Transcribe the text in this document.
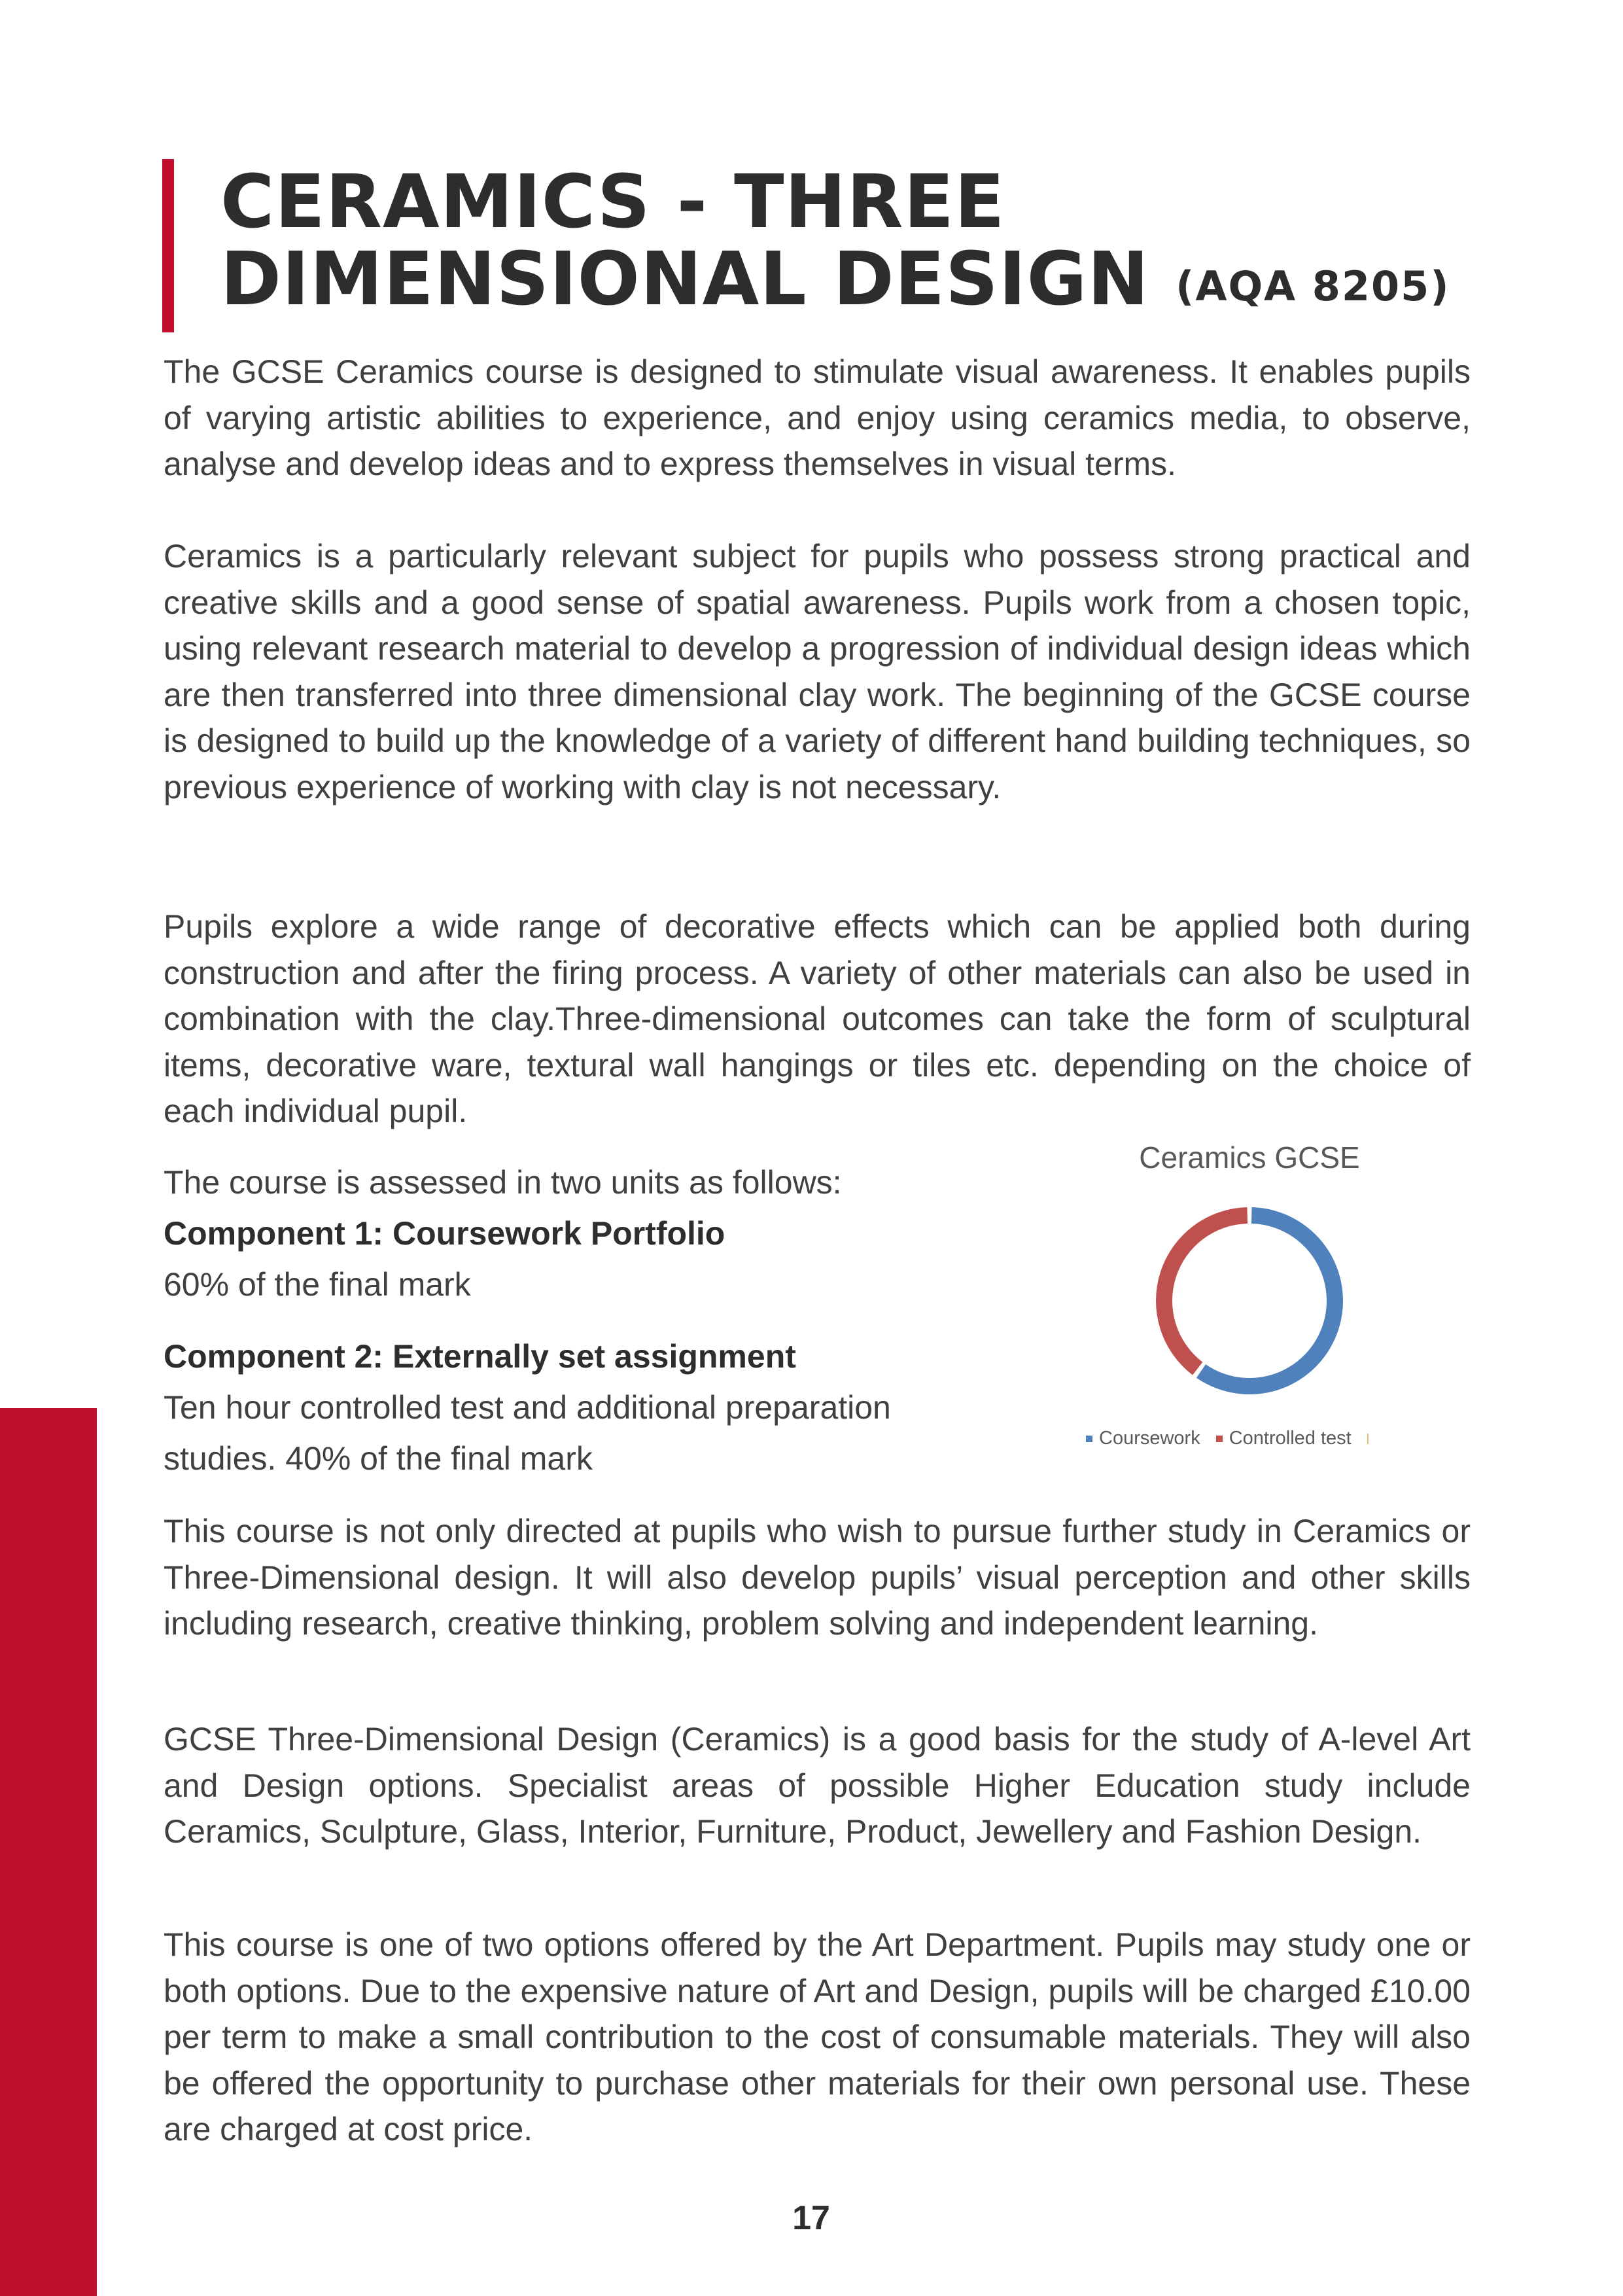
CERAMICS - THREE
DIMENSIONAL DESIGN (AQA 8205)

The GCSE Ceramics course is designed to stimulate visual awareness. It enables pupils of varying artistic abilities to experience, and enjoy using ceramics media, to observe, analyse and develop ideas and to express themselves in visual terms.

Ceramics is a particularly relevant subject for pupils who possess strong practical and creative skills and a good sense of spatial awareness. Pupils work from a chosen topic, using relevant research material to develop a progression of individual design ideas which are then transferred into three dimensional clay work. The beginning of the GCSE course is designed to build up the knowledge of a variety of different hand building techniques, so previous experience of working with clay is not necessary.

Pupils explore a wide range of decorative effects which can be applied both during construction and after the firing process. A variety of other materials can also be used in combination with the clay.Three-dimensional outcomes can take the form of sculptural items, decorative ware, textural wall hangings or tiles etc. depending on the choice of each individual pupil.

The course is assessed in two units as follows:

Component 1: Coursework Portfolio

60% of the final mark

Component 2: Externally set assignment

Ten hour controlled test and additional preparation

studies. 40% of the final mark

Ceramics GCSE
Coursework Controlled test

This course is not only directed at pupils who wish to pursue further study in Ceramics or Three-Dimensional design. It will also develop pupils’ visual perception and other skills including research, creative thinking, problem solving and independent learning.

GCSE Three-Dimensional Design (Ceramics) is a good basis for the study of A-level Art and Design options. Specialist areas of possible Higher Education study include Ceramics, Sculpture, Glass, Interior, Furniture, Product, Jewellery and Fashion Design.

This course is one of two options offered by the Art Department. Pupils may study one or both options. Due to the expensive nature of Art and Design, pupils will be charged £10.00 per term to make a small contribution to the cost of consumable materials. They will also be offered the opportunity to purchase other materials for their own personal use. These are charged at cost price.

17
